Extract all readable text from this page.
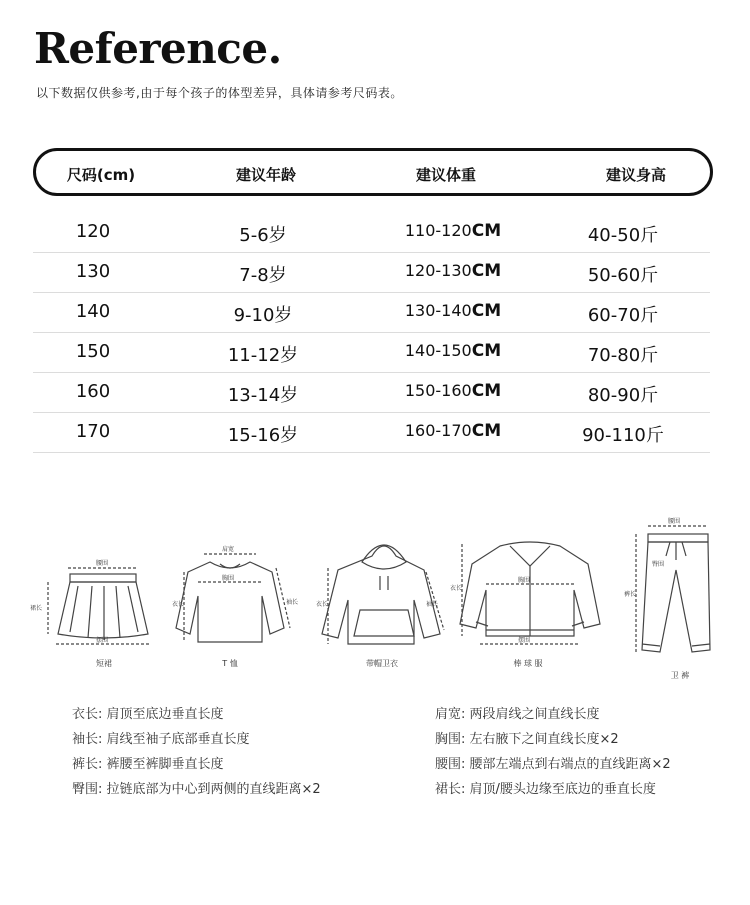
Reference.
以下数据仅供参考,由于每个孩子的体型差异，具体请参考尺码表。
尺码(cm)	建议年龄	建议体重	建议身高
120	5-6岁	110-120CM	40-50斤
130	7-8岁	120-130CM	50-60斤
140	9-10岁	130-140CM	60-70斤
150	11-12岁	140-150CM	70-80斤
160	13-14岁	150-160CM	80-90斤
170	15-16岁	160-170CM	90-110斤
腰围
裙长
摆围
肩宽
胸围
衣长	袖长	衣长	袖长
胸围
衣长
摆围
腰围
臀围
裤长
短裙	T 恤	带帽卫衣	棒 球 服
卫 裤
衣长: 肩顶至底边垂直长度
袖长: 肩线至袖子底部垂直长度
裤长: 裤腰至裤脚垂直长度
臀围: 拉链底部为中心到两侧的直线距离×2
肩宽: 两段肩线之间直线长度
胸围: 左右腋下之间直线长度×2
腰围: 腰部左端点到右端点的直线距离×2
裙长: 肩顶/腰头边缘至底边的垂直长度
